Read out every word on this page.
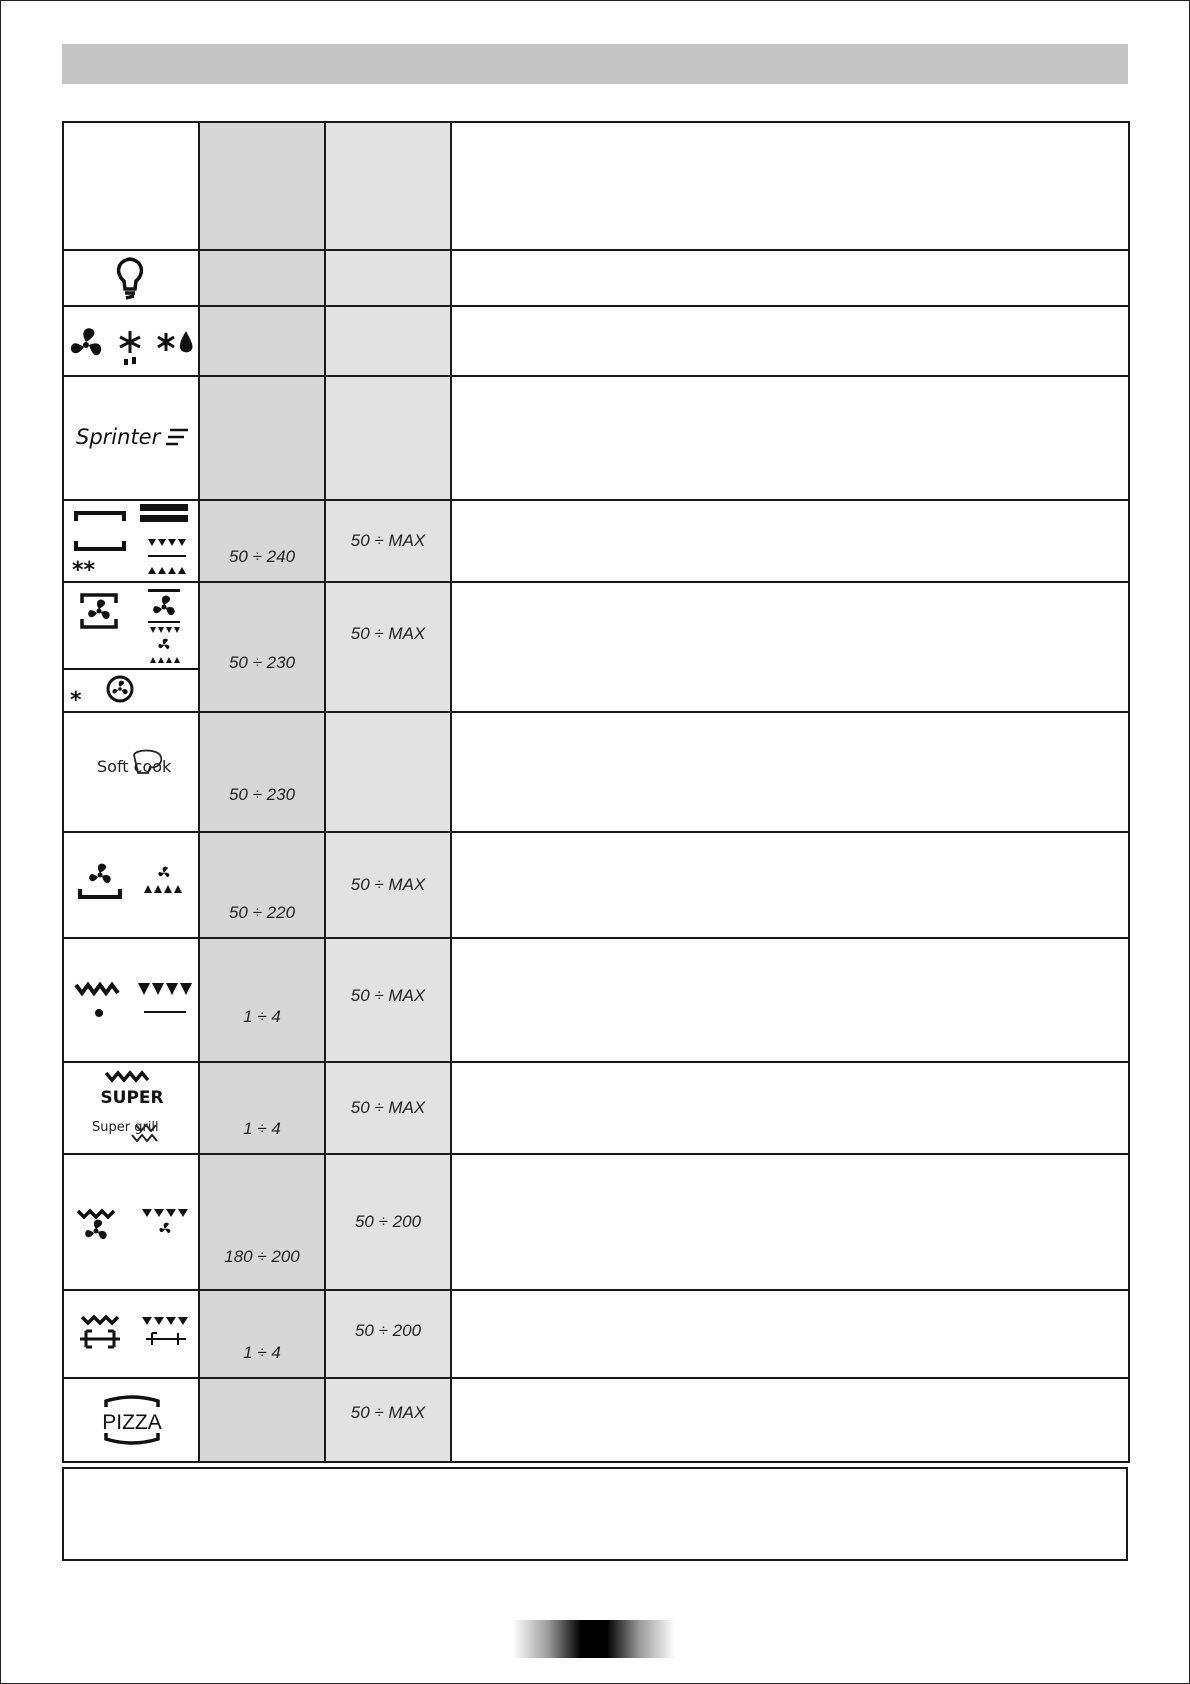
Sprinter			

**	50 ÷ 240	50 ÷ MAX	

*	50 ÷ 230	50 ÷ MAX	

Soft cook	50 ÷ 230		

50 ÷ 220	50 ÷ MAX	

1 ÷ 4	50 ÷ MAX	

SUPER
Super grill	1 ÷ 4	50 ÷ MAX	

180 ÷ 200	50 ÷ 200	

1 ÷ 4	50 ÷ 200	

PIZZA		50 ÷ MAX	
